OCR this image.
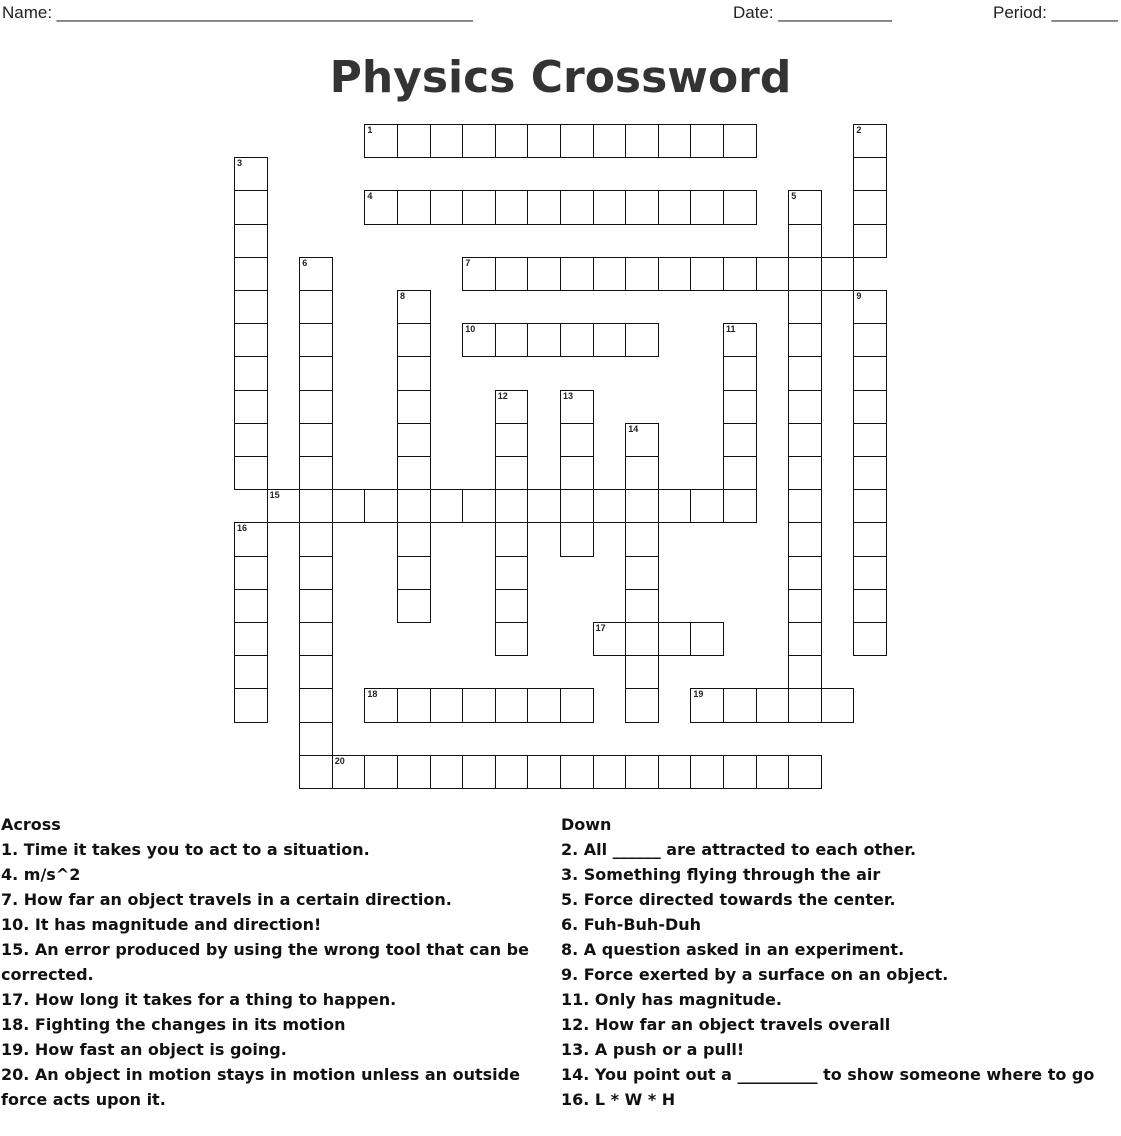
Name: ____________________________________________	Date: ____________	Period: _______
Physics Crossword
1	2
3
4	5
6	7
8	9
10	11
12	13
14
15
16
17
18	19
20
Across
1. Time it takes you to act to a situation.
4. m/s^2
7. How far an object travels in a certain direction.
10. It has magnitude and direction!
15. An error produced by using the wrong tool that can be corrected.
17. How long it takes for a thing to happen.
18. Fighting the changes in its motion
19. How fast an object is going.
20. An object in motion stays in motion unless an outside force acts upon it.
Down
2. All ______ are attracted to each other.
3. Something flying through the air
5. Force directed towards the center.
6. Fuh-Buh-Duh
8. A question asked in an experiment.
9. Force exerted by a surface on an object.
11. Only has magnitude.
12. How far an object travels overall
13. A push or a pull!
14. You point out a __________ to show someone where to go
16. L * W * H
